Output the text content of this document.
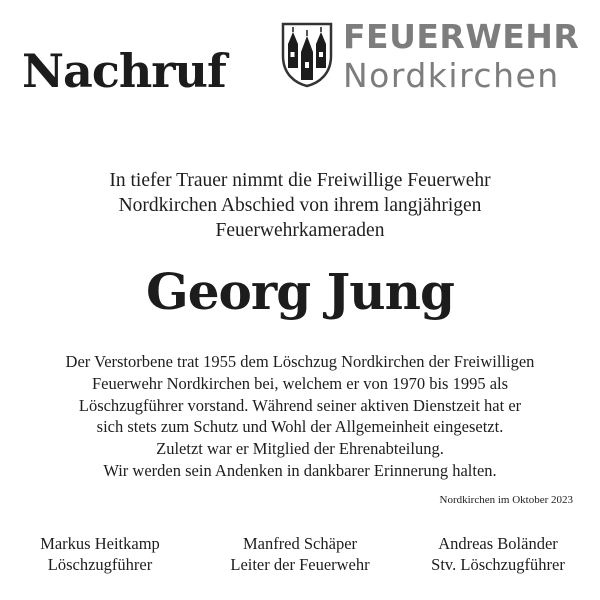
Nachruf
FEUERWEHR
Nordkirchen
In tiefer Trauer nimmt die Freiwillige Feuerwehr
Nordkirchen Abschied von ihrem langjährigen
Feuerwehrkameraden
Georg Jung
Der Verstorbene trat 1955 dem Löschzug Nordkirchen der Freiwilligen
Feuerwehr Nordkirchen bei, welchem er von 1970 bis 1995 als
Löschzugführer vorstand. Während seiner aktiven Dienstzeit hat er
sich stets zum Schutz und Wohl der Allgemeinheit eingesetzt.
Zuletzt war er Mitglied der Ehrenabteilung.
Wir werden sein Andenken in dankbarer Erinnerung halten.
Nordkirchen im Oktober 2023
Markus Heitkamp
Löschzugführer
Manfred Schäper
Leiter der Feuerwehr
Andreas Boländer
Stv. Löschzugführer
